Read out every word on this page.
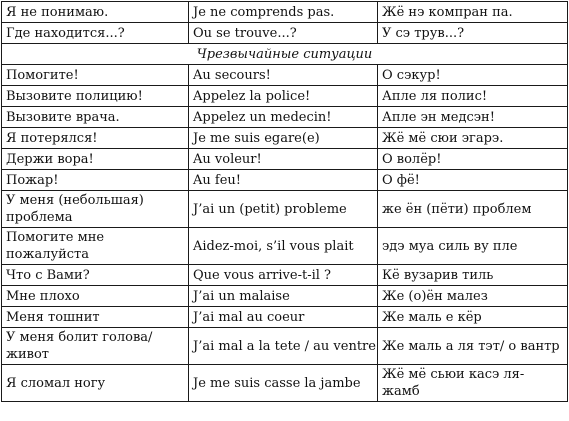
Я не понимаю.	Je ne comprends pas.	Жё нэ компран па.
Где находится...?	Ou se trouve...?	У сэ трув...?
Чрезвычайные ситуации		
Помогите!	Au secours!	О сэкур!
Вызовите полицию!	Appelez la police!	Апле ля полис!
Вызовите врача.	Appelez un medecin!	Апле эн медсэн!
Я потерялся!	Je me suis egare(e)	Жё мё сюи эгарэ.
Держи вора!	Au voleur!	О волёр!
Пожар!	Au feu!	О фё!
У меня (небольшая) проблема	J’ai un (petit) probleme	же ён (пёти) проблем
Помогите мне пожалуйста	Aidez-moi, s’il vous plait	эдэ муа силь ву пле
Что с Вами?	Que vous arrive-t-il ?	Кё вузарив тиль
Мне плохо	J’ai un malaise	Же (о)ён малез
Меня тошнит	J’ai mal au coeur	Же маль е кёр
У меня болит голова/ живот	J’ai mal a la tete / au ventre	Же маль а ля тэт/ о вантр
Я сломал ногу	Je me suis casse la jambe	Жё мё сьюи касэ ля- жамб
